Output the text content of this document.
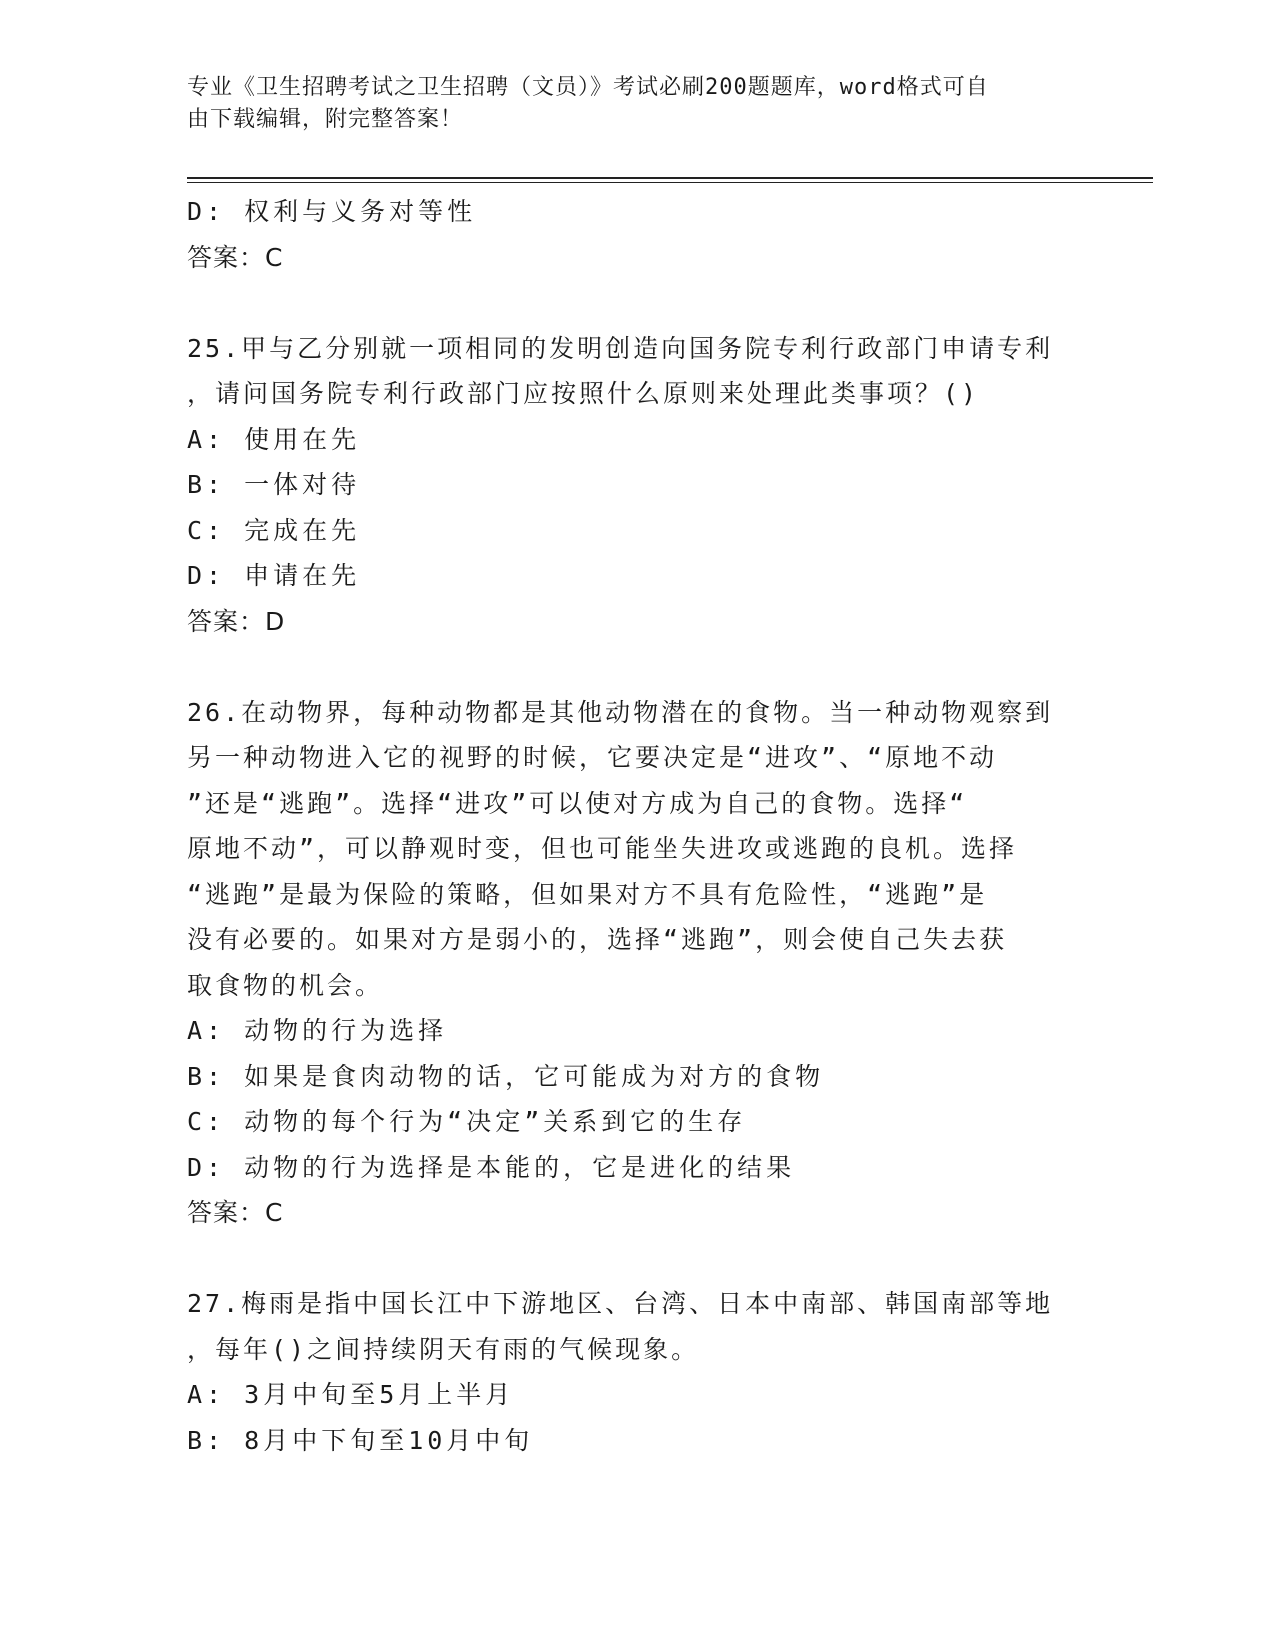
专业《卫生招聘考试之卫生招聘（文员）》考试必刷200题题库，word格式可自
由下载编辑，附完整答案！
D: 权利与义务对等性
答案：C
25.甲与乙分别就一项相同的发明创造向国务院专利行政部门申请专利
，请问国务院专利行政部门应按照什么原则来处理此类事项？()
A: 使用在先
B: 一体对待
C: 完成在先
D: 申请在先
答案：D
26.在动物界，每种动物都是其他动物潜在的食物。当一种动物观察到
另一种动物进入它的视野的时候，它要决定是“进攻”、“原地不动
”还是“逃跑”。选择“进攻”可以使对方成为自己的食物。选择“
原地不动”，可以静观时变，但也可能坐失进攻或逃跑的良机。选择
“逃跑”是最为保险的策略，但如果对方不具有危险性，“逃跑”是
没有必要的。如果对方是弱小的，选择“逃跑”，则会使自己失去获
取食物的机会。
A: 动物的行为选择
B: 如果是食肉动物的话，它可能成为对方的食物
C: 动物的每个行为“决定”关系到它的生存
D: 动物的行为选择是本能的，它是进化的结果
答案：C
27.梅雨是指中国长江中下游地区、台湾、日本中南部、韩国南部等地
，每年()之间持续阴天有雨的气候现象。
A: 3月中旬至5月上半月
B: 8月中下旬至10月中旬
